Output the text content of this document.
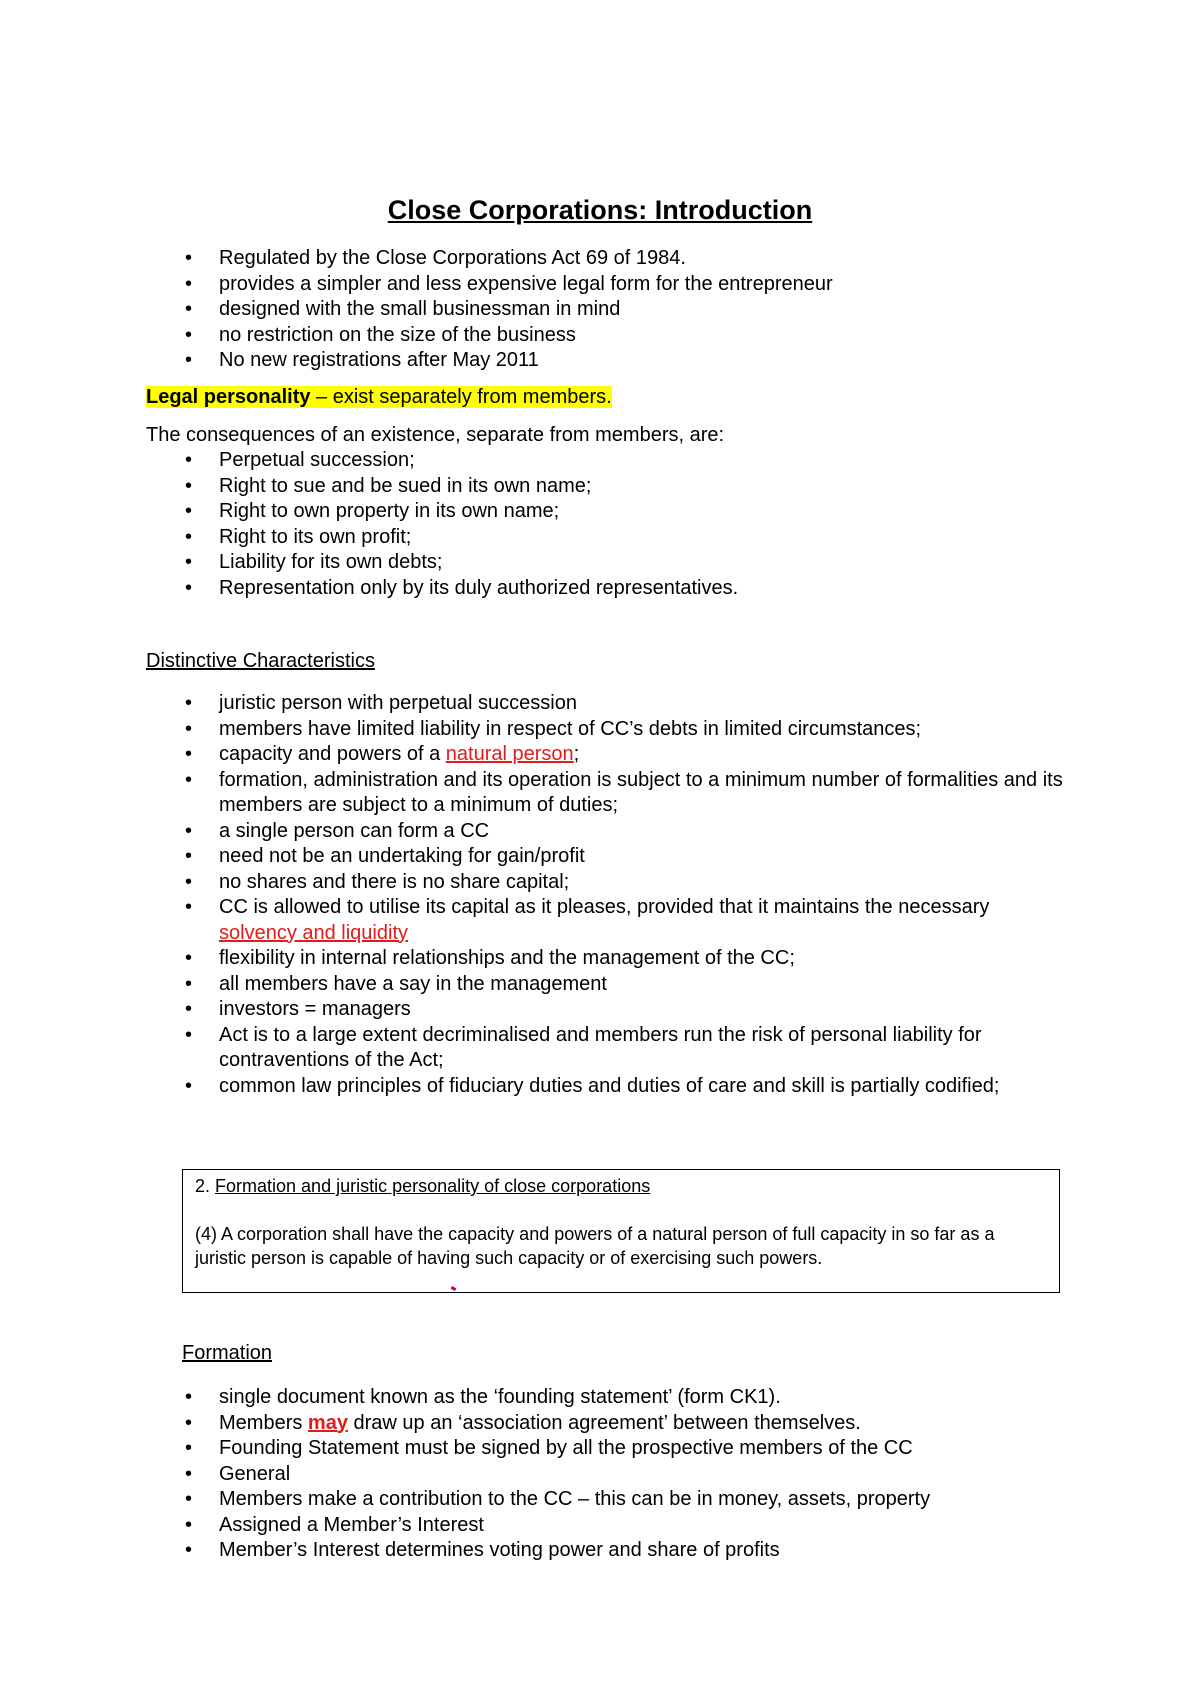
Close Corporations: Introduction
•	Regulated by the Close Corporations Act 69 of 1984.
•	provides a simpler and less expensive legal form for the entrepreneur
•	designed with the small businessman in mind
•	no restriction on the size of the business
•	No new registrations after May 2011
Legal personality – exist separately from members.
The consequences of an existence, separate from members, are:
•	Perpetual succession;
•	Right to sue and be sued in its own name;
•	Right to own property in its own name;
•	Right to its own profit;
•	Liability for its own debts;
•	Representation only by its duly authorized representatives.
Distinctive Characteristics
•	juristic person with perpetual succession
•	members have limited liability in respect of CC’s debts in limited circumstances;
•	capacity and powers of a natural person;
•	formation, administration and its operation is subject to a minimum number of formalities and its members are subject to a minimum of duties;
•	a single person can form a CC
•	need not be an undertaking for gain/profit
•	no shares and there is no share capital;
•	CC is allowed to utilise its capital as it pleases, provided that it maintains the necessary solvency and liquidity
•	flexibility in internal relationships and the management of the CC;
•	all members have a say in the management
•	investors = managers
•	Act is to a large extent decriminalised and members run the risk of personal liability for contraventions of the Act;
•	common law principles of fiduciary duties and duties of care and skill is partially codified;
2. Formation and juristic personality of close corporations
(4) A corporation shall have the capacity and powers of a natural person of full capacity in so far as a juristic person is capable of having such capacity or of exercising such powers.
Formation
•	single document known as the ‘founding statement’ (form CK1).
•	Members may draw up an ‘association agreement’ between themselves.
•	Founding Statement must be signed by all the prospective members of the CC
•	General
•	Members make a contribution to the CC – this can be in money, assets, property
•	Assigned a Member’s Interest
•	Member’s Interest determines voting power and share of profits
